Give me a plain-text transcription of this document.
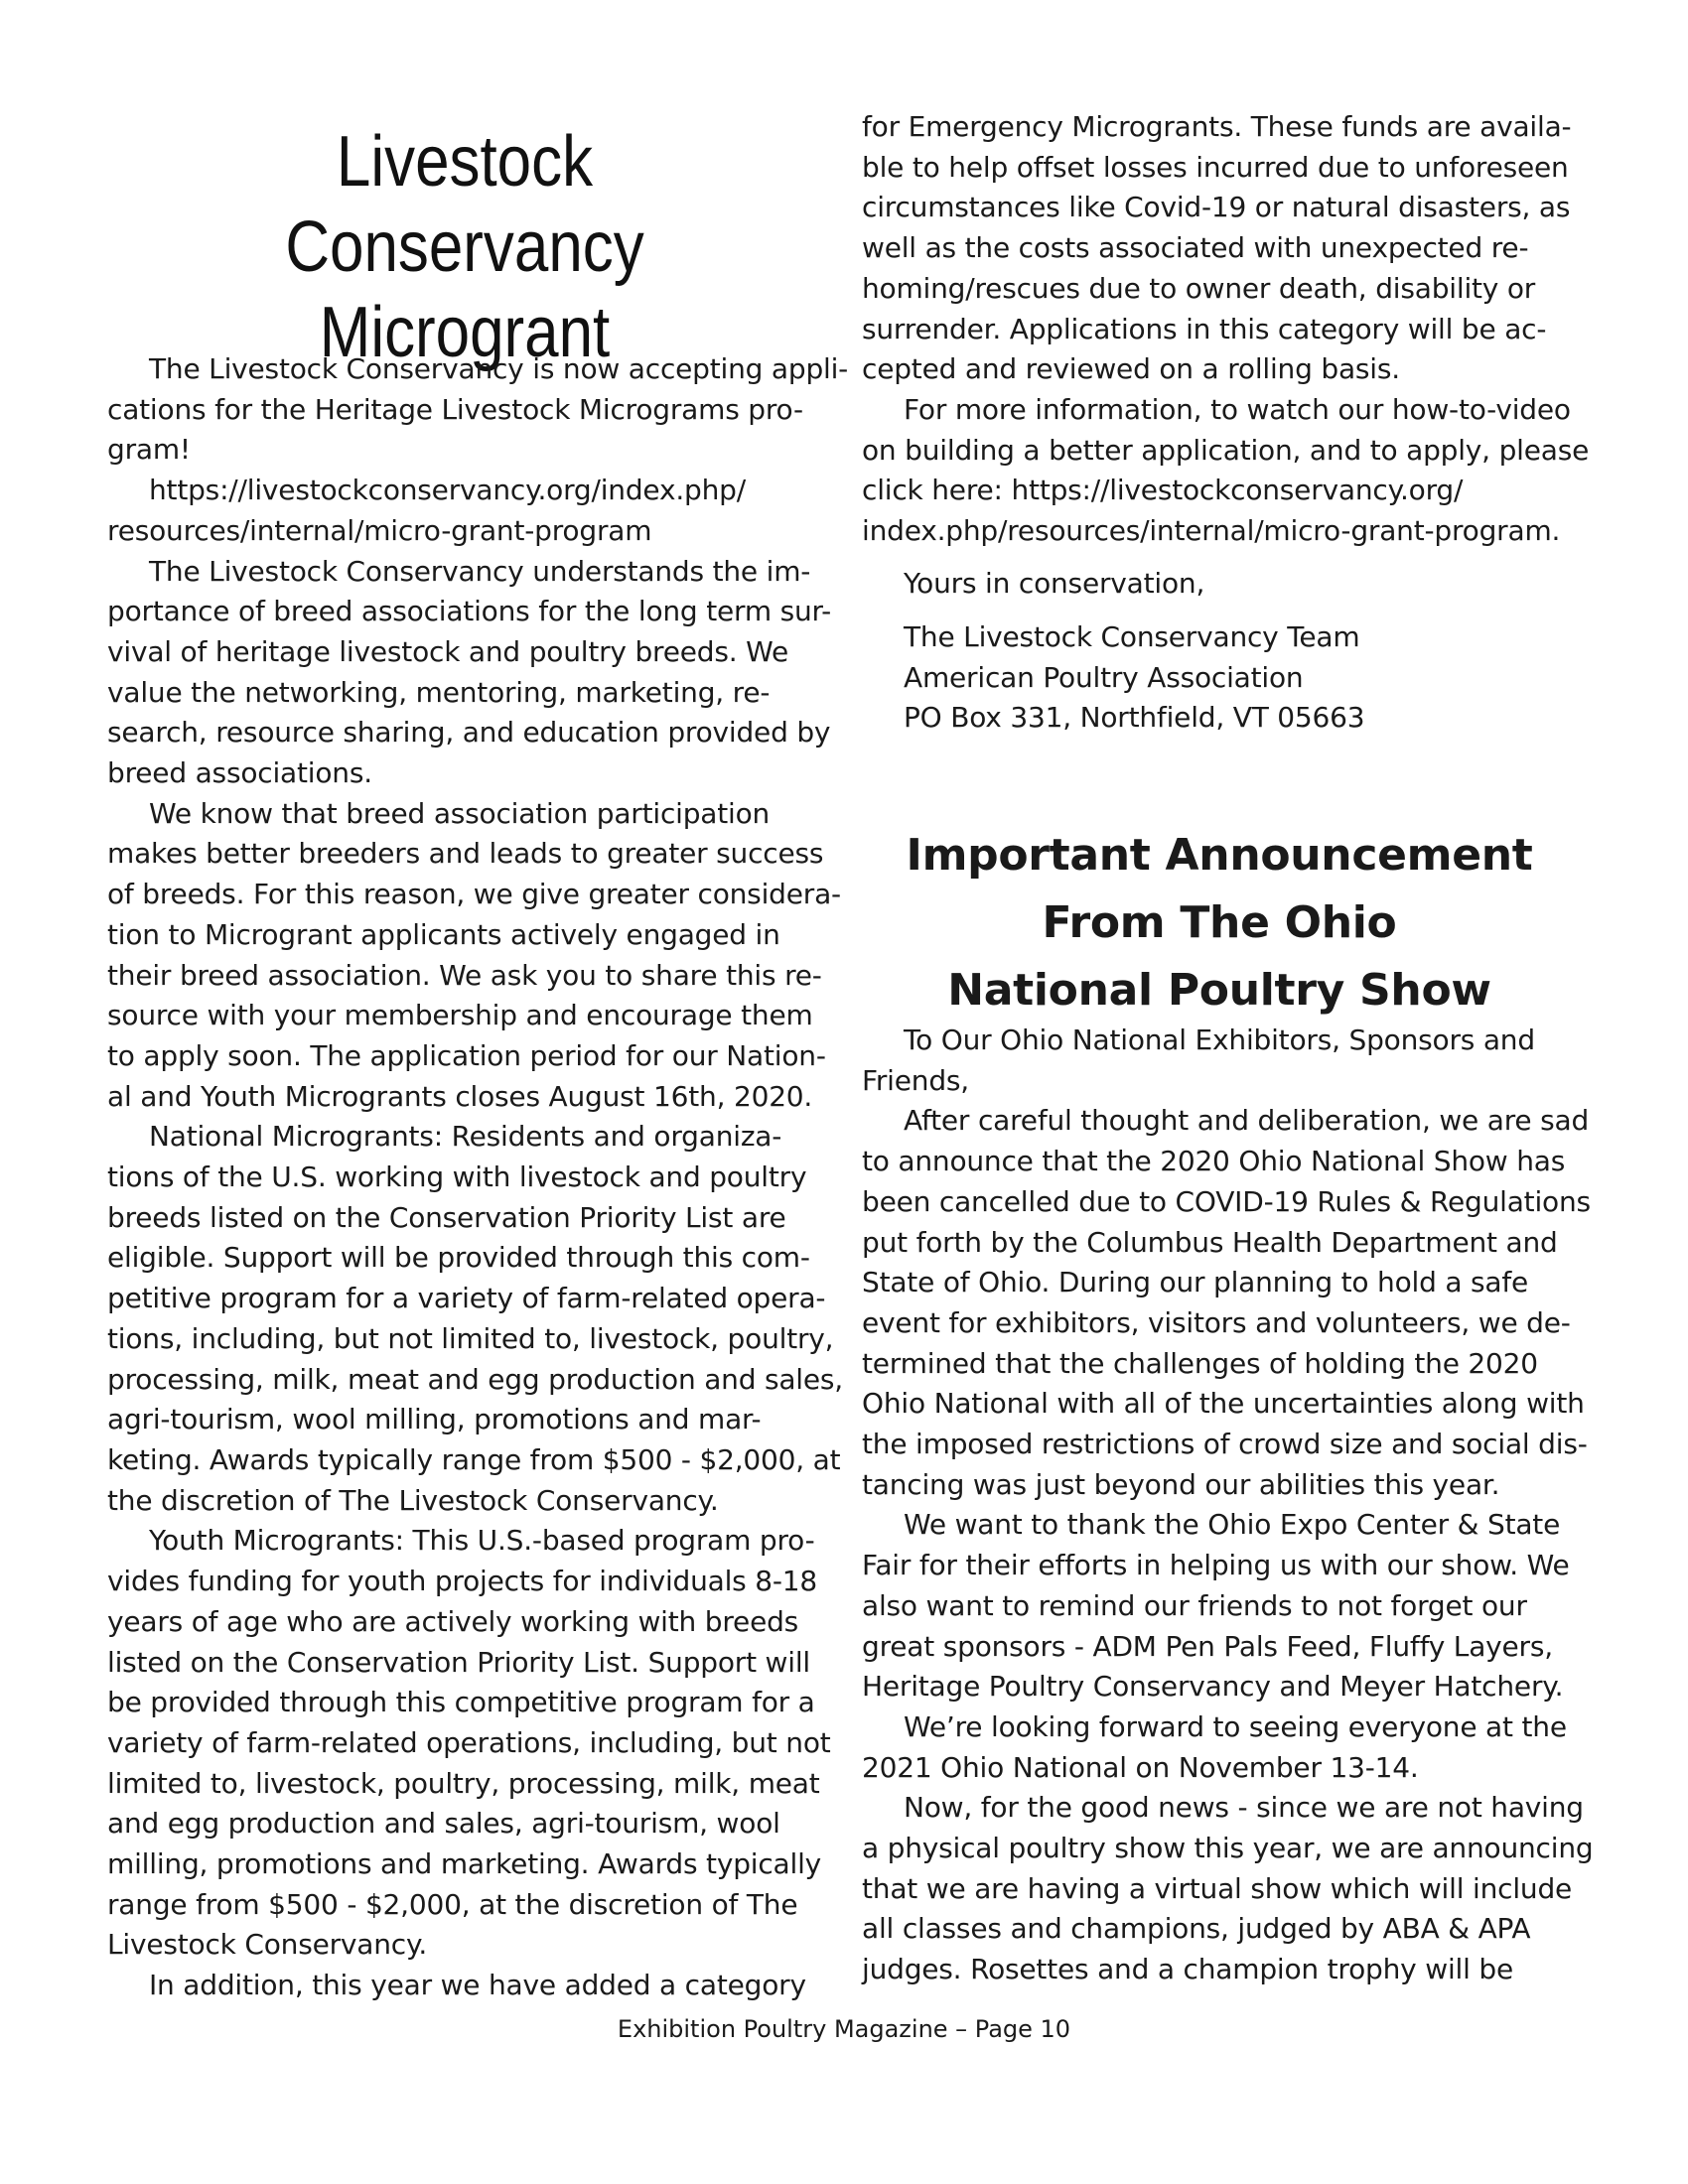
Livestock Conservancy
Microgrant
The Livestock Conservancy is now accepting appli-
cations for the Heritage Livestock Micrograms pro-
gram!
https://livestockconservancy.org/index.php/
resources/internal/micro-grant-program
The Livestock Conservancy understands the im-
portance of breed associations for the long term sur-
vival of heritage livestock and poultry breeds. We
value the networking, mentoring, marketing, re-
search, resource sharing, and education provided by
breed associations.
We know that breed association participation
makes better breeders and leads to greater success
of breeds. For this reason, we give greater considera-
tion to Microgrant applicants actively engaged in
their breed association. We ask you to share this re-
source with your membership and encourage them
to apply soon. The application period for our Nation-
al and Youth Microgrants closes August 16th, 2020.
National Microgrants: Residents and organiza-
tions of the U.S. working with livestock and poultry
breeds listed on the Conservation Priority List are
eligible. Support will be provided through this com-
petitive program for a variety of farm-related opera-
tions, including, but not limited to, livestock, poultry,
processing, milk, meat and egg production and sales,
agri-tourism, wool milling, promotions and mar-
keting. Awards typically range from $500 - $2,000, at
the discretion of The Livestock Conservancy.
Youth Microgrants: This U.S.-based program pro-
vides funding for youth projects for individuals 8-18
years of age who are actively working with breeds
listed on the Conservation Priority List. Support will
be provided through this competitive program for a
variety of farm-related operations, including, but not
limited to, livestock, poultry, processing, milk, meat
and egg production and sales, agri-tourism, wool
milling, promotions and marketing. Awards typically
range from $500 - $2,000, at the discretion of The
Livestock Conservancy.
In addition, this year we have added a category
for Emergency Microgrants. These funds are availa-
ble to help offset losses incurred due to unforeseen
circumstances like Covid-19 or natural disasters, as
well as the costs associated with unexpected re-
homing/rescues due to owner death, disability or
surrender. Applications in this category will be ac-
cepted and reviewed on a rolling basis.
For more information, to watch our how-to-video
on building a better application, and to apply, please
click here: https://livestockconservancy.org/
index.php/resources/internal/micro-grant-program.
Yours in conservation,
The Livestock Conservancy Team
American Poultry Association
PO Box 331, Northfield, VT 05663
Important Announcement
From The Ohio
National Poultry Show
To Our Ohio National Exhibitors, Sponsors and
Friends,
After careful thought and deliberation, we are sad
to announce that the 2020 Ohio National Show has
been cancelled due to COVID-19 Rules & Regulations
put forth by the Columbus Health Department and
State of Ohio. During our planning to hold a safe
event for exhibitors, visitors and volunteers, we de-
termined that the challenges of holding the 2020
Ohio National with all of the uncertainties along with
the imposed restrictions of crowd size and social dis-
tancing was just beyond our abilities this year.
We want to thank the Ohio Expo Center & State
Fair for their efforts in helping us with our show. We
also want to remind our friends to not forget our
great sponsors - ADM Pen Pals Feed, Fluffy Layers,
Heritage Poultry Conservancy and Meyer Hatchery.
We’re looking forward to seeing everyone at the
2021 Ohio National on November 13-14.
Now, for the good news - since we are not having
a physical poultry show this year, we are announcing
that we are having a virtual show which will include
all classes and champions, judged by ABA & APA
judges. Rosettes and a champion trophy will be
Exhibition Poultry Magazine – Page 10
